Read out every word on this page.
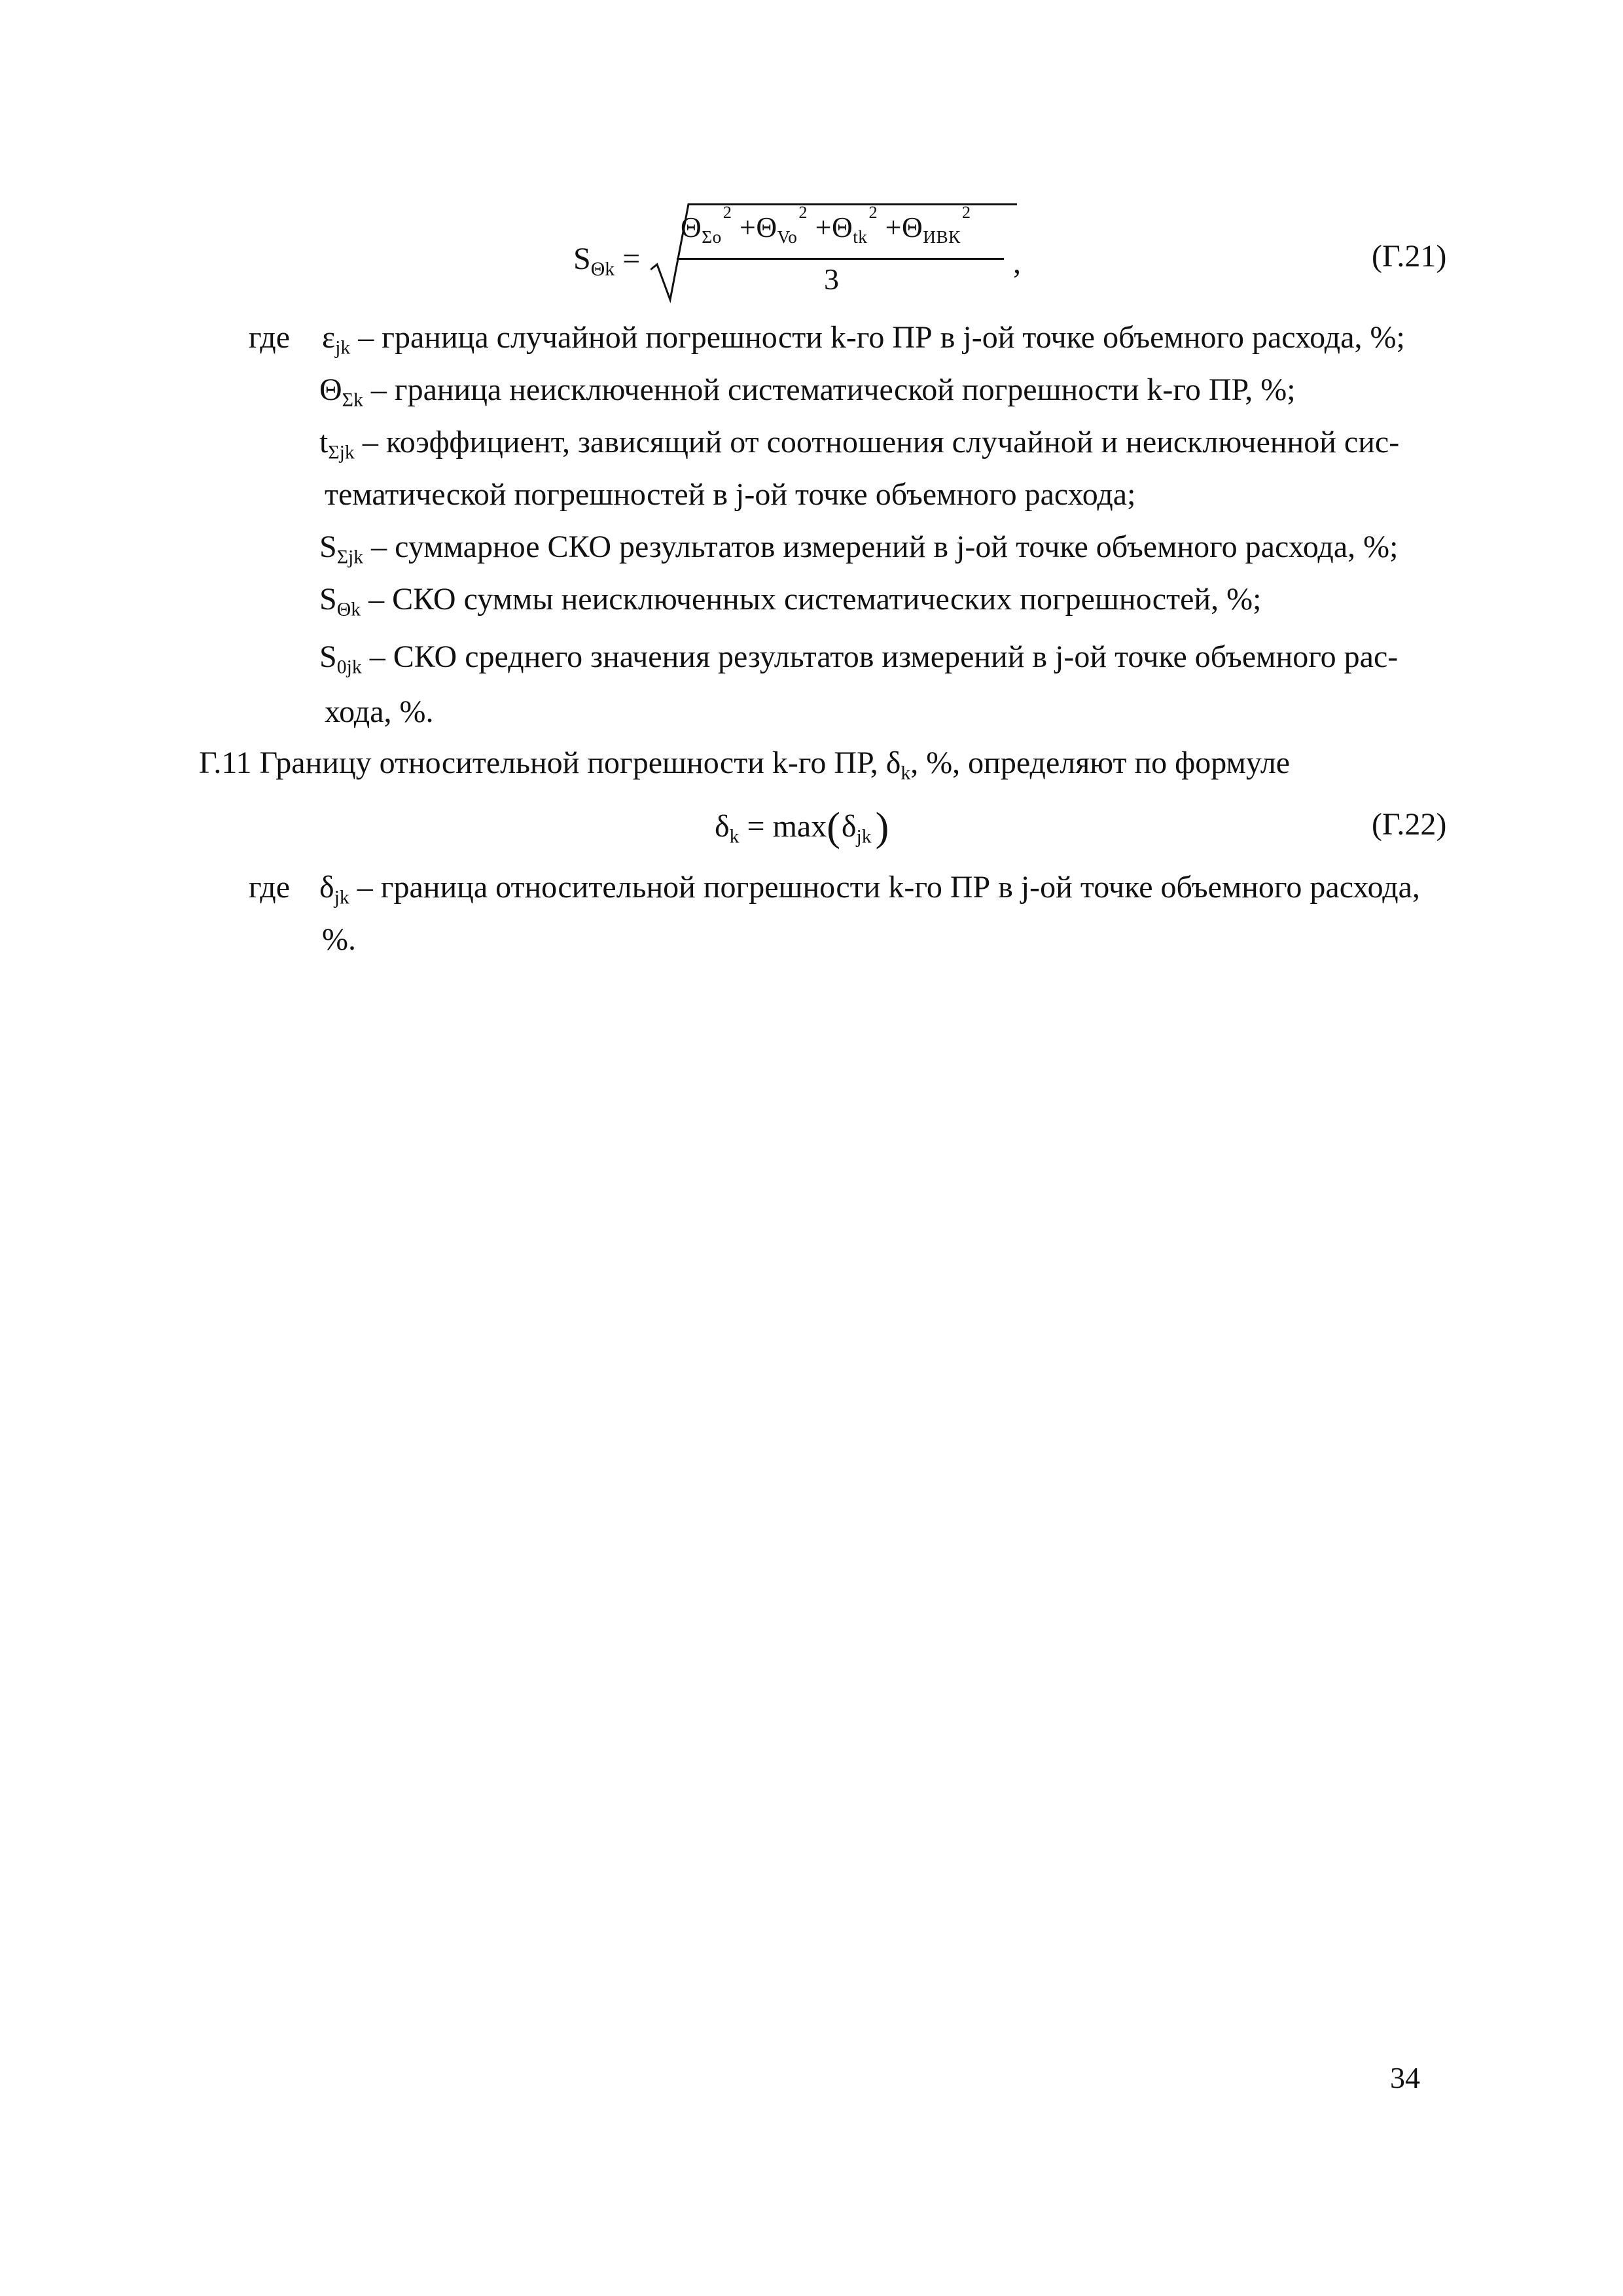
$S_{\Theta k}$ =
$\Theta_{\Sigma o}^2 +\Theta_{Vo}^2 +\Theta_{tk}^2 +\Theta_{ИВК}^2$
3	,	(Г.21)
где $\varepsilon_{jk}$ – граница случайной погрешности k-го ПР в j-ой точке объемного расхода, %;
$\Theta_{\Sigma k}$ – граница неисключенной систематической погрешности k-го ПР, %;
$t_{\Sigma jk}$ – коэффициент, зависящий от соотношения случайной и неисключенной сис-
тематической погрешностей в j-ой точке объемного расхода;
$S_{\Sigma jk}$ – суммарное СКО результатов измерений в j-ой точке объемного расхода, %;
$S_{\Theta k}$ – СКО суммы неисключенных систематических погрешностей, %;
$S_{0jk}$ – СКО среднего значения результатов измерений в j-ой точке объемного рас-
хода, %.
Г.11 Границу относительной погрешности k-го ПР, $\delta_k$, %, определяют по формуле
$\delta_k = \max(\delta_{jk})$	(Г.22)
где $\delta_{jk}$ – граница относительной погрешности k-го ПР в j-ой точке объемного расхода,
%.
34
